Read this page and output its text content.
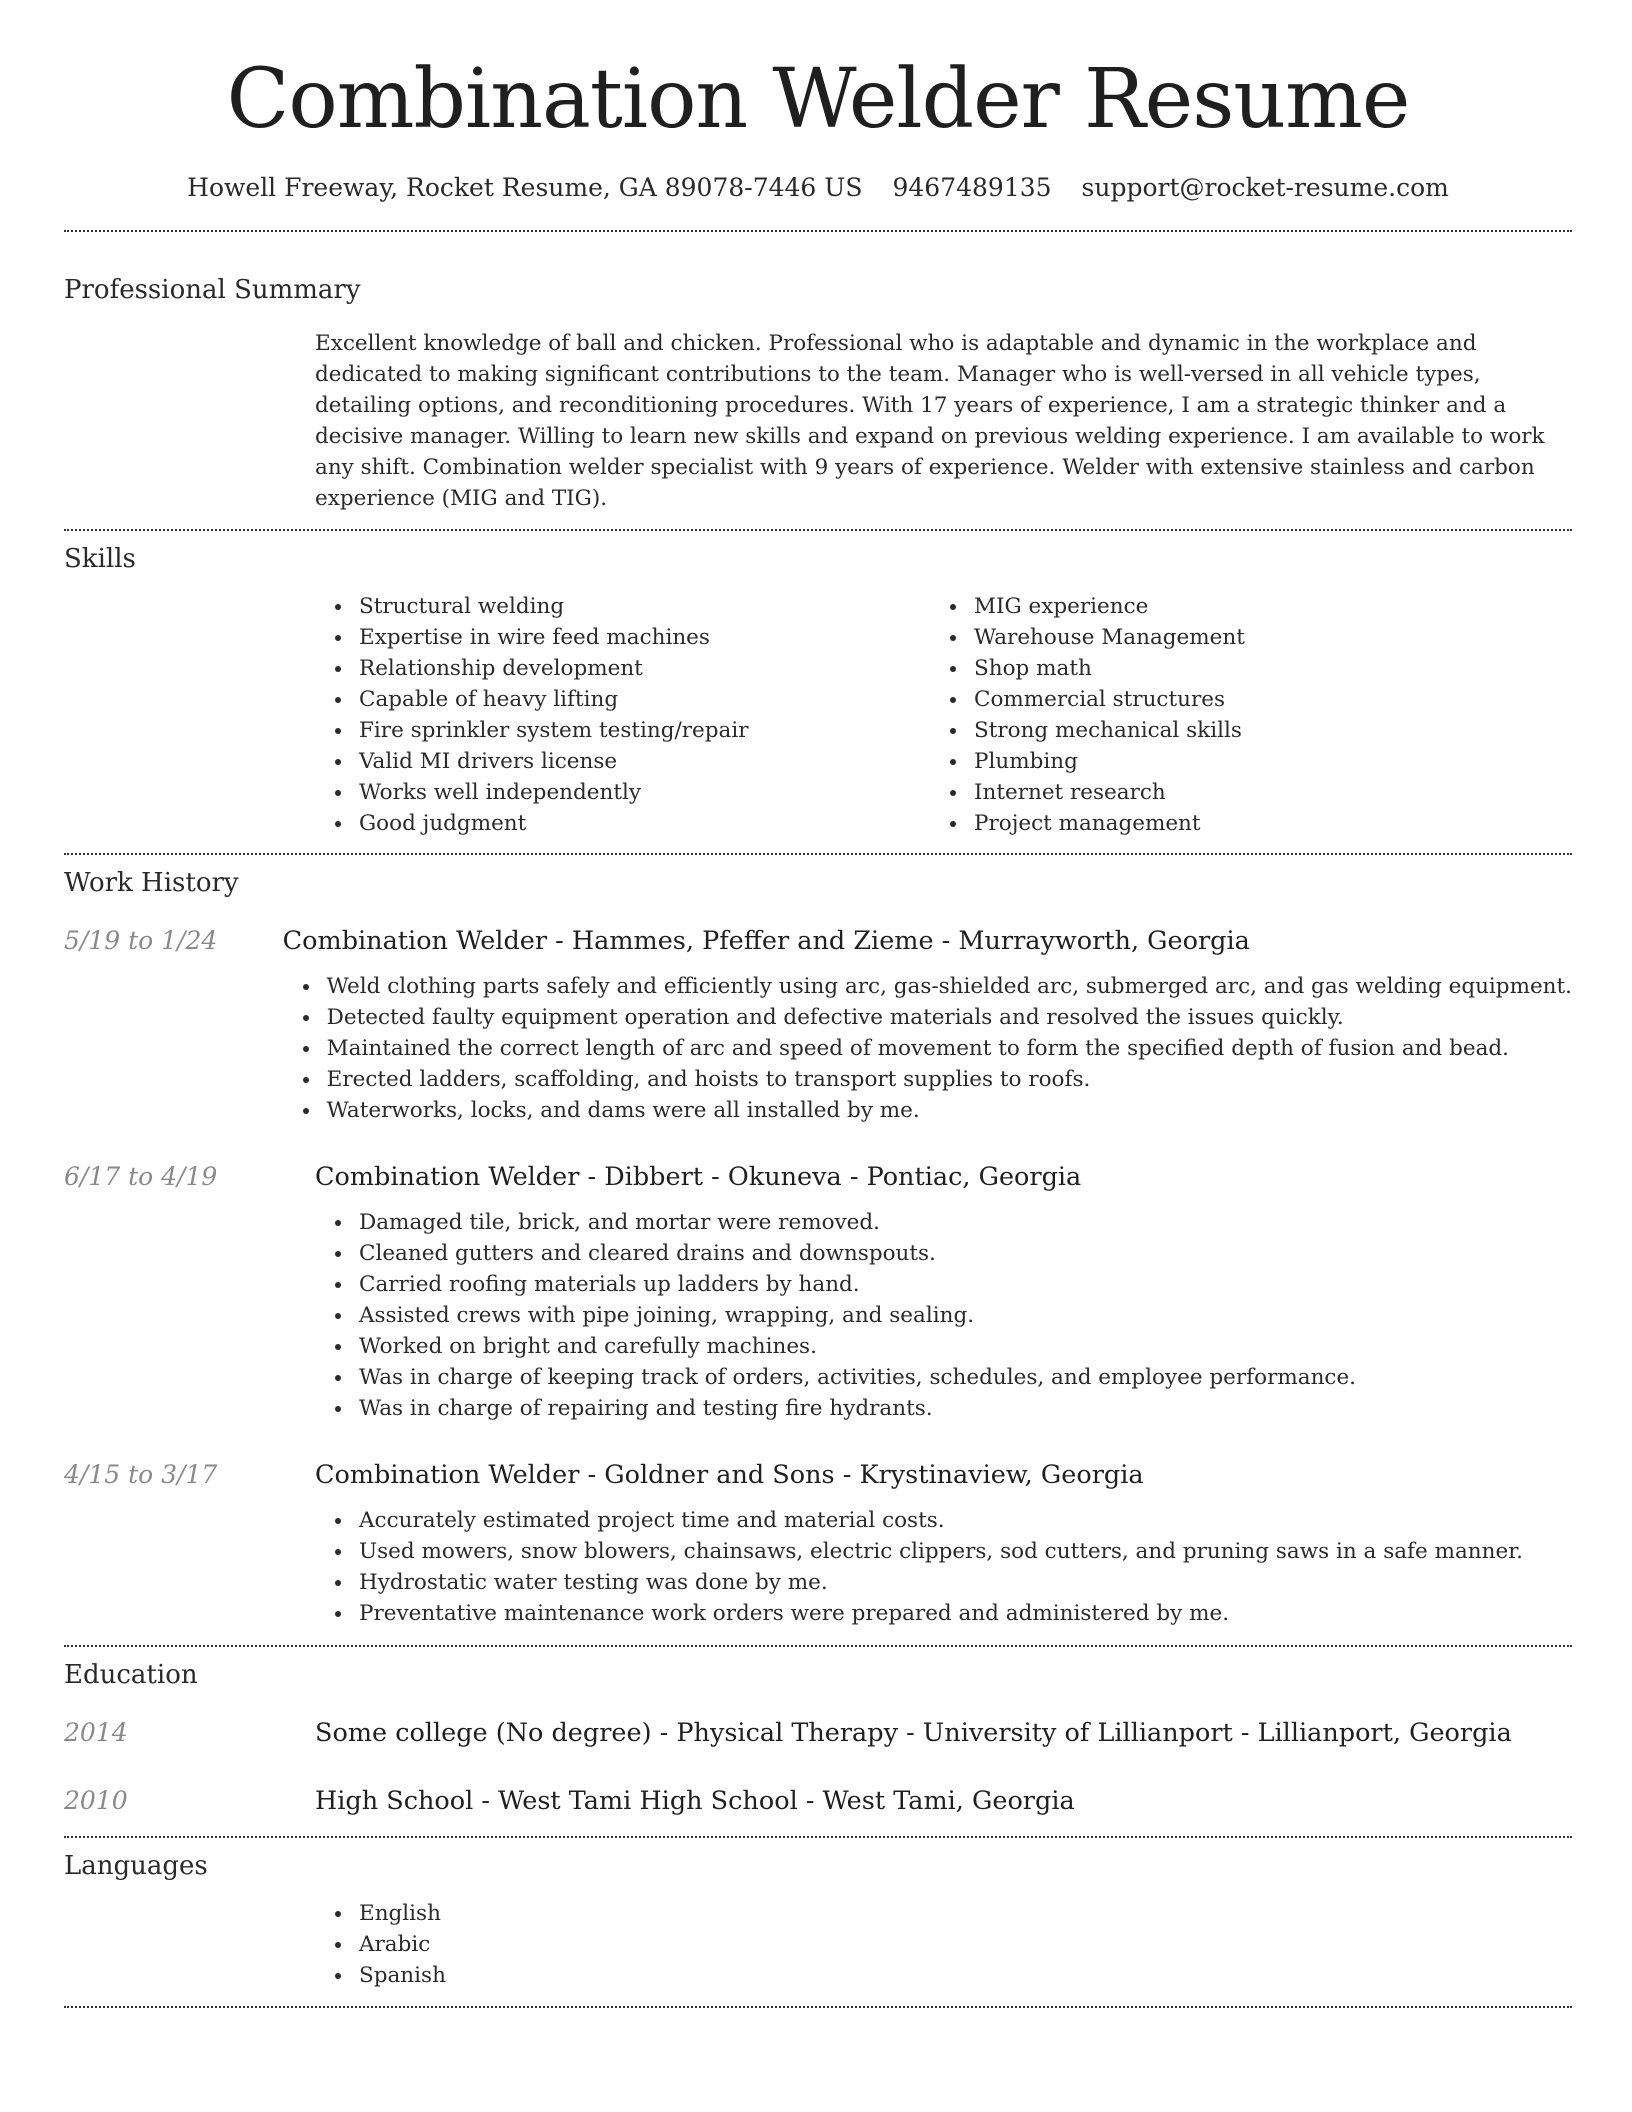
Combination Welder Resume
Howell Freeway, Rocket Resume, GA 89078-7446 US 9467489135 support@rocket-resume.com
Professional Summary

Excellent knowledge of ball and chicken. Professional who is adaptable and dynamic in the workplace and dedicated to making significant contributions to the team. Manager who is well-versed in all vehicle types, detailing options, and reconditioning procedures. With 17 years of experience, I am a strategic thinker and a decisive manager. Willing to learn new skills and expand on previous welding experience. I am available to work any shift. Combination welder specialist with 9 years of experience. Welder with extensive stainless and carbon experience (MIG and TIG).

Skills
Structural welding
Expertise in wire feed machines
Relationship development
Capable of heavy lifting
Fire sprinkler system testing/repair
Valid MI drivers license
Works well independently
Good judgment
MIG experience
Warehouse Management
Shop math
Commercial structures
Strong mechanical skills
Plumbing
Internet research
Project management
Work History
5/19 to 1/24	Combination Welder - Hammes, Pfeffer and Zieme - Murrayworth, Georgia
Weld clothing parts safely and efficiently using arc, gas-shielded arc, submerged arc, and gas welding equipment.
Detected faulty equipment operation and defective materials and resolved the issues quickly.
Maintained the correct length of arc and speed of movement to form the specified depth of fusion and bead.
Erected ladders, scaffolding, and hoists to transport supplies to roofs.
Waterworks, locks, and dams were all installed by me.
6/17 to 4/19	Combination Welder - Dibbert - Okuneva - Pontiac, Georgia
Damaged tile, brick, and mortar were removed.
Cleaned gutters and cleared drains and downspouts.
Carried roofing materials up ladders by hand.
Assisted crews with pipe joining, wrapping, and sealing.
Worked on bright and carefully machines.
Was in charge of keeping track of orders, activities, schedules, and employee performance.
Was in charge of repairing and testing fire hydrants.
4/15 to 3/17	Combination Welder - Goldner and Sons - Krystinaview, Georgia
Accurately estimated project time and material costs.
Used mowers, snow blowers, chainsaws, electric clippers, sod cutters, and pruning saws in a safe manner.
Hydrostatic water testing was done by me.
Preventative maintenance work orders were prepared and administered by me.
Education
2014	Some college (No degree) - Physical Therapy - University of Lillianport - Lillianport, Georgia
2010	High School - West Tami High School - West Tami, Georgia
Languages
English
Arabic
Spanish
